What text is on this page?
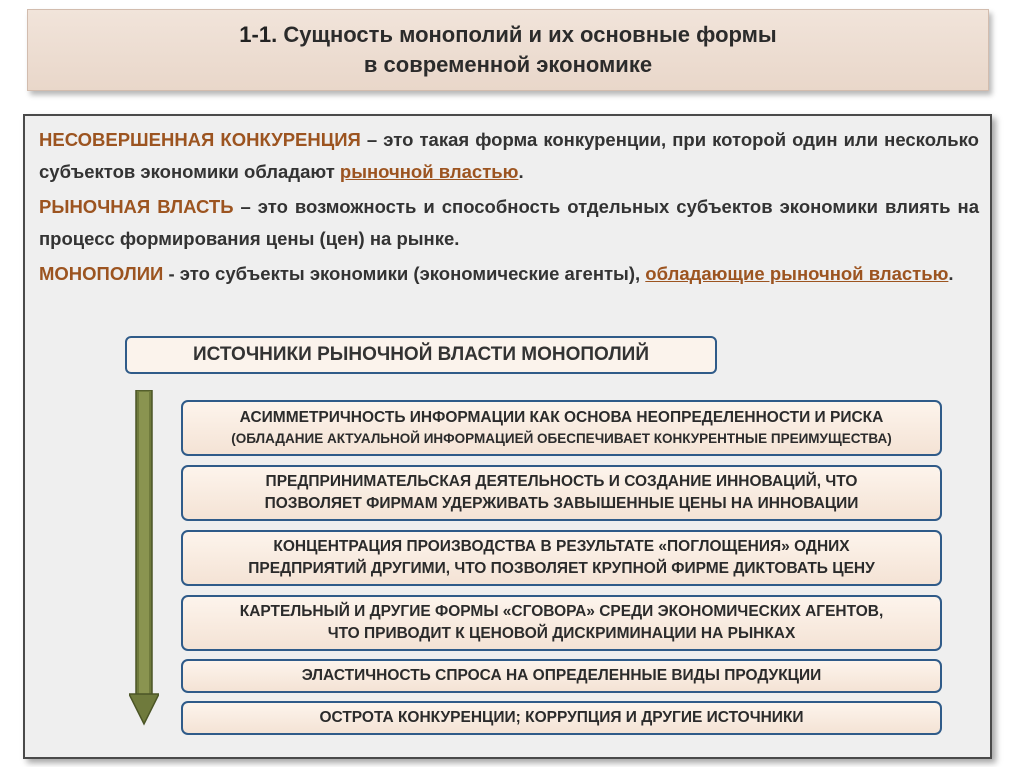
1-1. Сущность монополий и их основные формы
в современной экономике
НЕСОВЕРШЕННАЯ КОНКУРЕНЦИЯ – это такая форма конкуренции, при которой один или несколько субъектов экономики обладают рыночной властью.
РЫНОЧНАЯ ВЛАСТЬ – это возможность и способность отдельных субъектов экономики влиять на процесс формирования цены (цен) на рынке.
МОНОПОЛИИ - это субъекты экономики (экономические агенты), обладающие рыночной властью.
ИСТОЧНИКИ РЫНОЧНОЙ ВЛАСТИ МОНОПОЛИЙ
АСИММЕТРИЧНОСТЬ ИНФОРМАЦИИ КАК ОСНОВА НЕОПРЕДЕЛЕННОСТИ И РИСКА
(ОБЛАДАНИЕ АКТУАЛЬНОЙ ИНФОРМАЦИЕЙ ОБЕСПЕЧИВАЕТ КОНКУРЕНТНЫЕ ПРЕИМУЩЕСТВА)
ПРЕДПРИНИМАТЕЛЬСКАЯ ДЕЯТЕЛЬНОСТЬ И СОЗДАНИЕ ИННОВАЦИЙ, ЧТО
ПОЗВОЛЯЕТ ФИРМАМ УДЕРЖИВАТЬ ЗАВЫШЕННЫЕ ЦЕНЫ НА ИННОВАЦИИ
КОНЦЕНТРАЦИЯ ПРОИЗВОДСТВА В РЕЗУЛЬТАТЕ «ПОГЛОЩЕНИЯ» ОДНИХ
ПРЕДПРИЯТИЙ ДРУГИМИ, ЧТО ПОЗВОЛЯЕТ КРУПНОЙ ФИРМЕ ДИКТОВАТЬ ЦЕНУ
КАРТЕЛЬНЫЙ И ДРУГИЕ ФОРМЫ «СГОВОРА» СРЕДИ ЭКОНОМИЧЕСКИХ АГЕНТОВ,
ЧТО ПРИВОДИТ К ЦЕНОВОЙ ДИСКРИМИНАЦИИ НА РЫНКАХ
ЭЛАСТИЧНОСТЬ СПРОСА НА ОПРЕДЕЛЕННЫЕ ВИДЫ ПРОДУКЦИИ
ОСТРОТА КОНКУРЕНЦИИ; КОРРУПЦИЯ И ДРУГИЕ ИСТОЧНИКИ
